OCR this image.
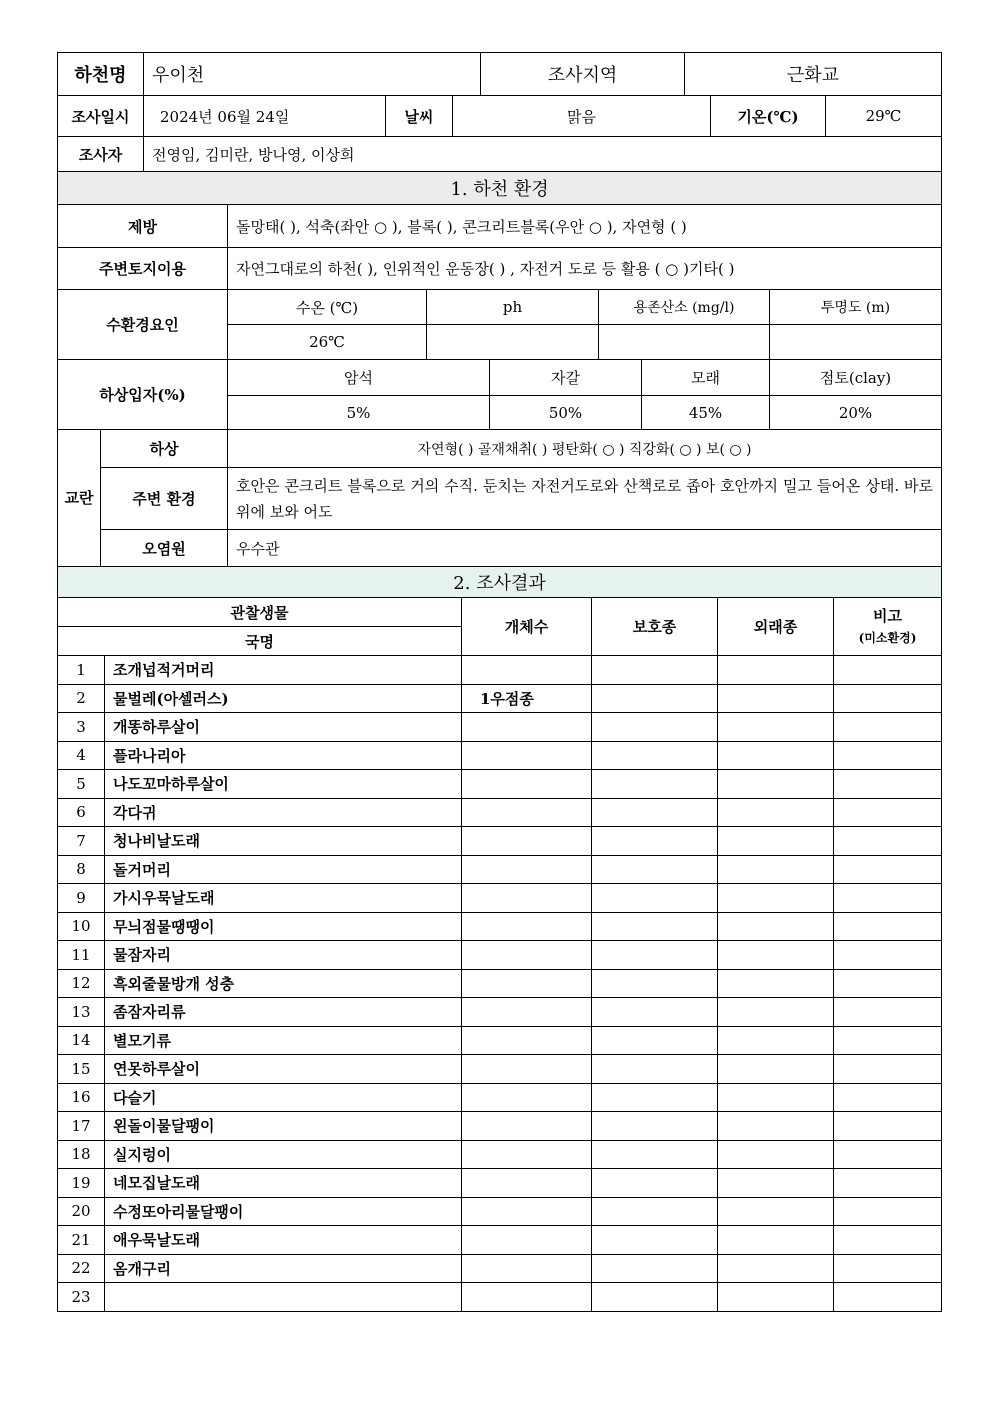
하천명	우이천	조사지역	근화교
조사일시	2024년 06월 24일	날씨	맑음	기온(℃)	29℃
조사자	전영임, 김미란, 방나영, 이상희
1. 하천 환경							
제방		돌망태( ), 석축(좌안 ○ ), 블록( ), 콘크리트블록(우안 ○ ), 자연형 ( )					
주변토지이용		자연그대로의 하천( ), 인위적인 운동장( ) , 자전거 도로 등 활용 ( ○ )기타( )					
수환경요인		수온 (℃)	ph		용존산소 (mg/l)		투명도 (m)
		26℃					
하상입자(%)		암석		자갈		모래	점토(clay)
		5%		50%		45%	20%
교란	하상	자연형( ) 골재채취( ) 평탄화( ○ ) 직강화( ○ ) 보( ○ )					
	주변 환경	호안은 콘크리트 블록으로 거의 수직. 둔치는 자전거도로와 산책로로 좁아 호안까지 밀고 들어온 상태. 바로 위에 보와 어도					
	오염원	우수관					
2. 조사결과					
관찰생물		개체수	보호종	외래종	비고
(미소환경)

국명					
1	조개넙적거머리				
2	물벌레(아셀러스)	1우점종			
3	개똥하루살이				
4	플라나리아				
5	나도꼬마하루살이				
6	각다귀				
7	청나비날도래				
8	돌거머리				
9	가시우묵날도래				
10	무늬점물땡땡이				
11	물잠자리				
12	흑외줄물방개 성충				
13	좀잠자리류				
14	별모기류				
15	연못하루살이				
16	다슬기				
17	왼돌이물달팽이				
18	실지렁이				
19	네모집날도래				
20	수정또아리물달팽이				
21	애우묵날도래				
22	옴개구리				
23					
